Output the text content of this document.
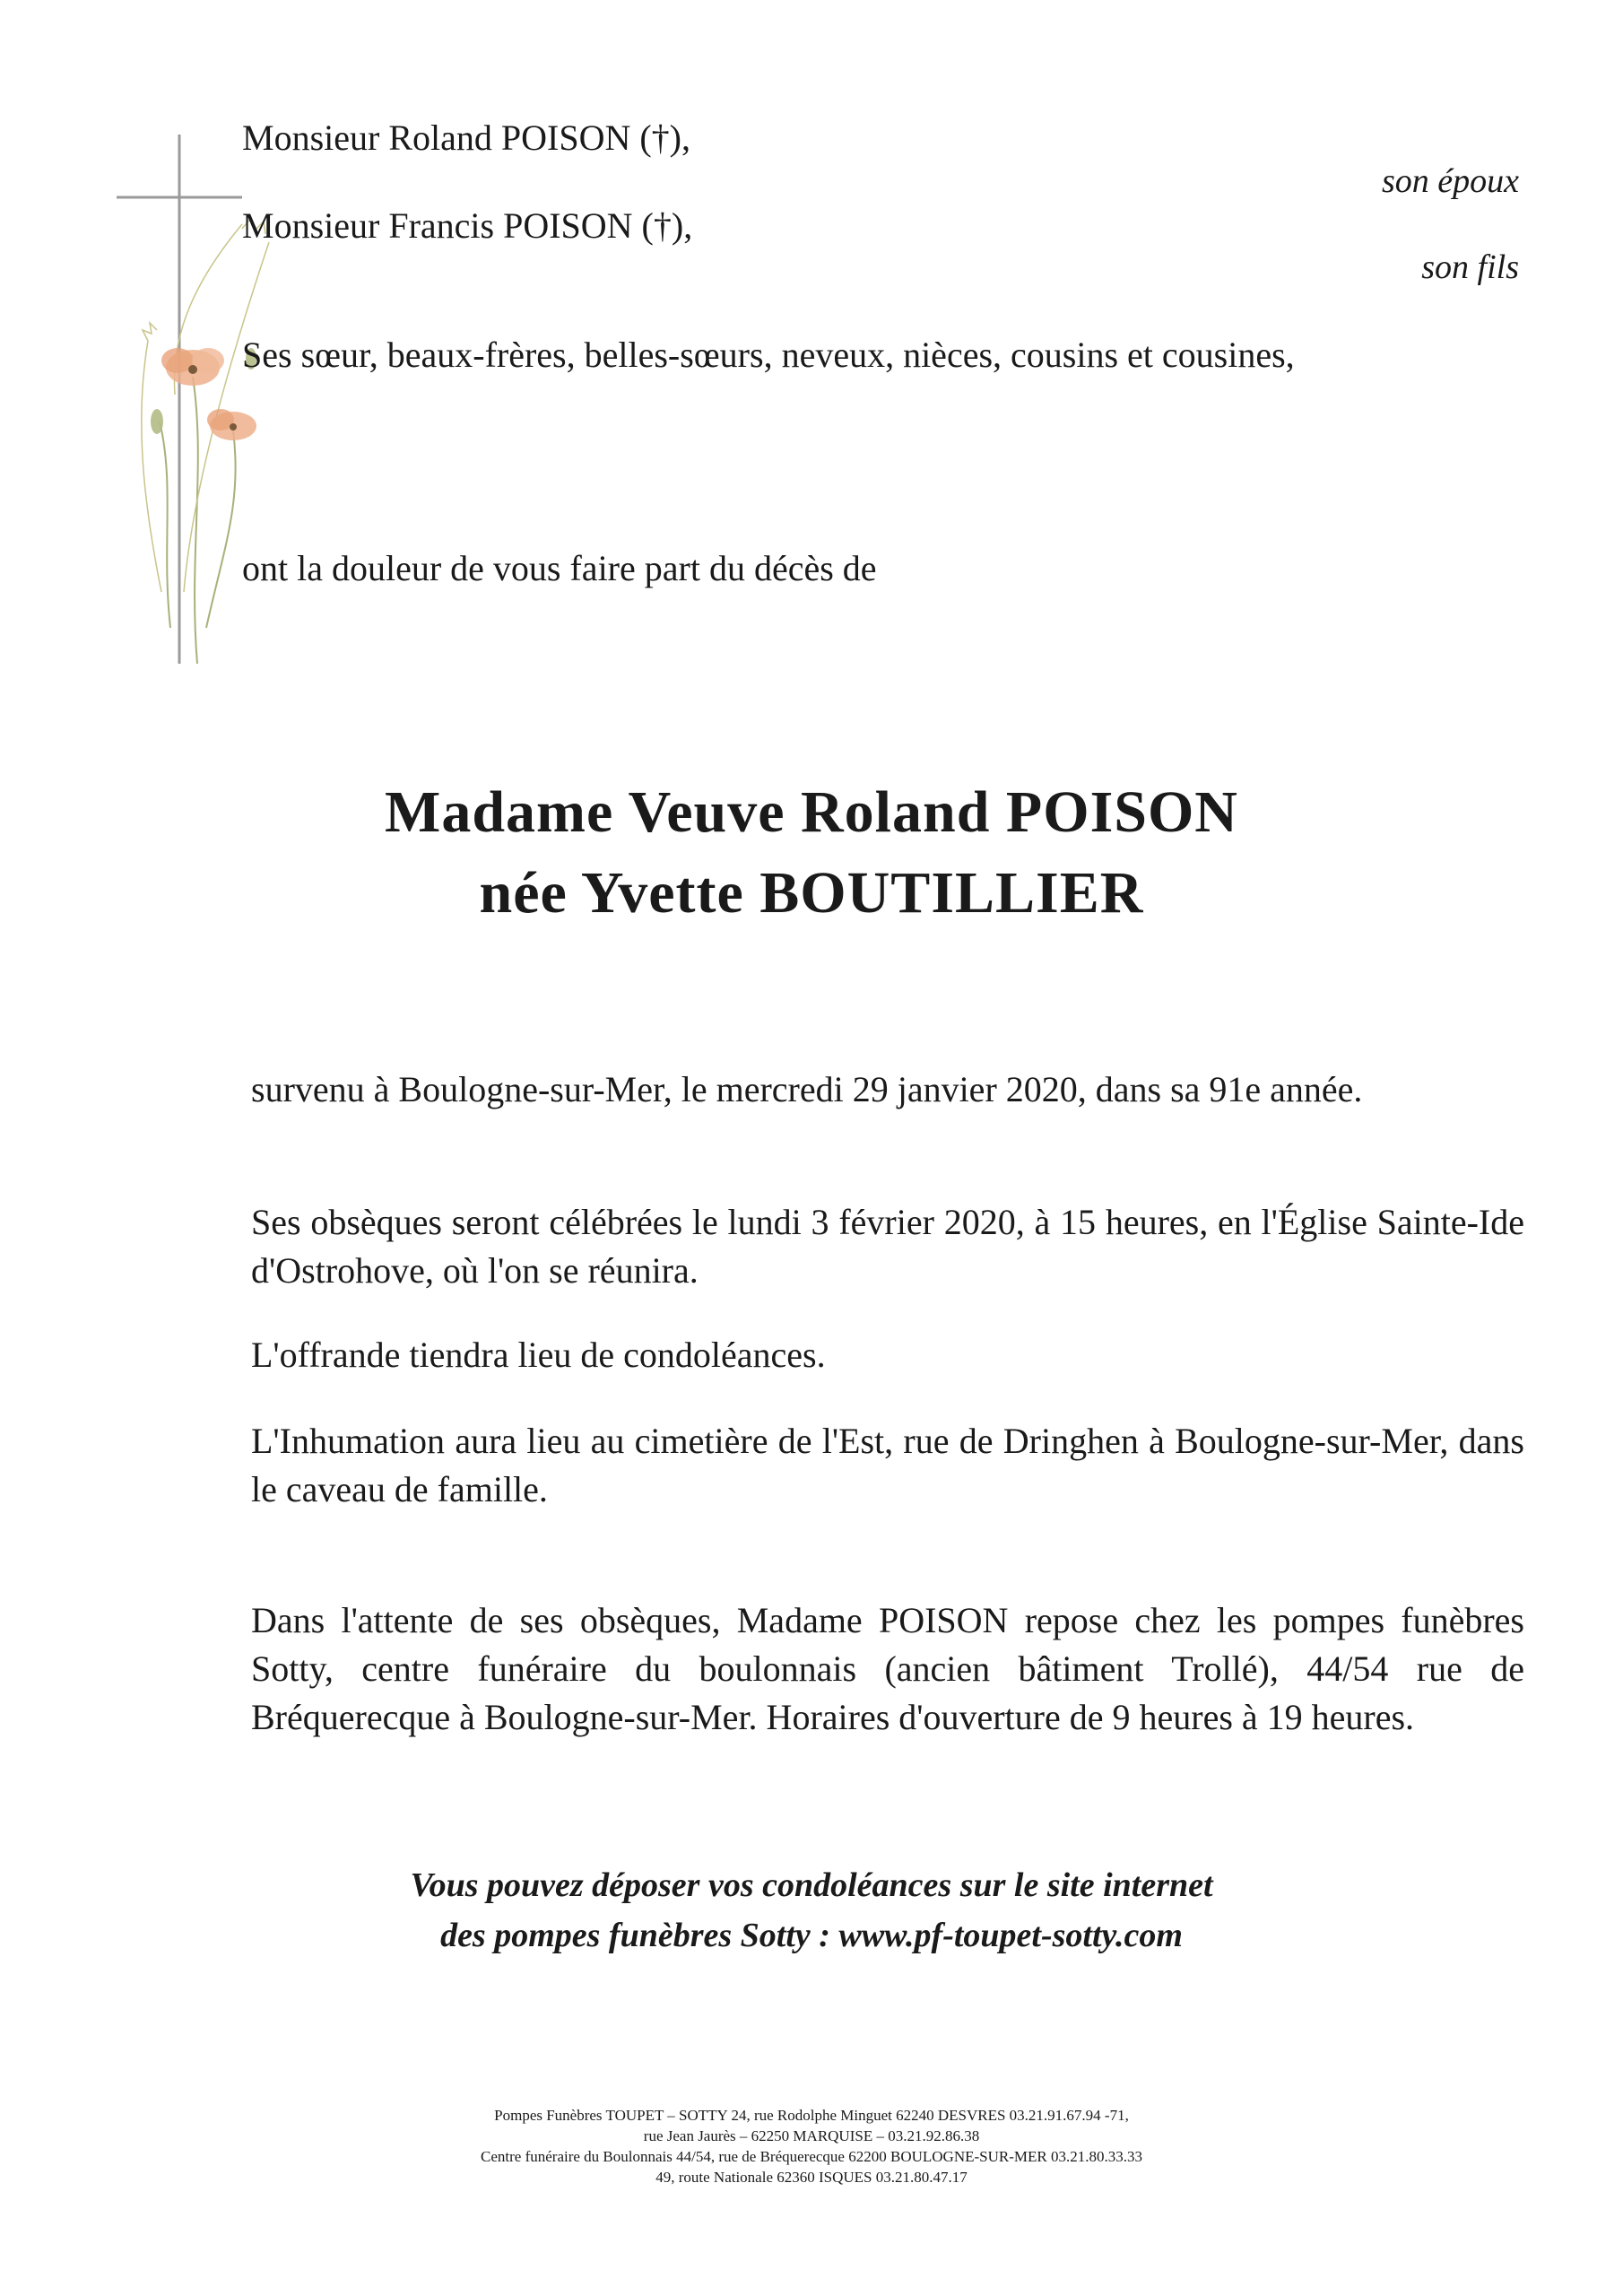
Monsieur Roland POISON (†),
son époux
Monsieur Francis POISON (†),
son fils
Ses sœur, beaux-frères, belles-sœurs, neveux, nièces, cousins et cousines,
ont la douleur de vous faire part du décès de
Madame Veuve Roland POISON
née Yvette BOUTILLIER
survenu à Boulogne-sur-Mer, le mercredi 29 janvier 2020, dans sa 91e année.
Ses obsèques seront célébrées le lundi 3 février 2020, à 15 heures, en l'Église Sainte-Ide d'Ostrohove, où l'on se réunira.
L'offrande tiendra lieu de condoléances.
L'Inhumation aura lieu au cimetière de l'Est, rue de Dringhen à Boulogne-sur-Mer, dans le caveau de famille.
Dans l'attente de ses obsèques, Madame POISON repose chez les pompes funèbres Sotty, centre funéraire du boulonnais (ancien bâtiment Trollé), 44/54 rue de Bréquerecque à Boulogne-sur-Mer. Horaires d'ouverture de 9 heures à 19 heures.
Vous pouvez déposer vos condoléances sur le site internet
des pompes funèbres Sotty : www.pf-toupet-sotty.com
Pompes Funèbres TOUPET – SOTTY 24, rue Rodolphe Minguet 62240 DESVRES 03.21.91.67.94 -71,
rue Jean Jaurès – 62250 MARQUISE – 03.21.92.86.38
Centre funéraire du Boulonnais 44/54, rue de Bréquerecque 62200 BOULOGNE-SUR-MER 03.21.80.33.33
49, route Nationale 62360 ISQUES 03.21.80.47.17
